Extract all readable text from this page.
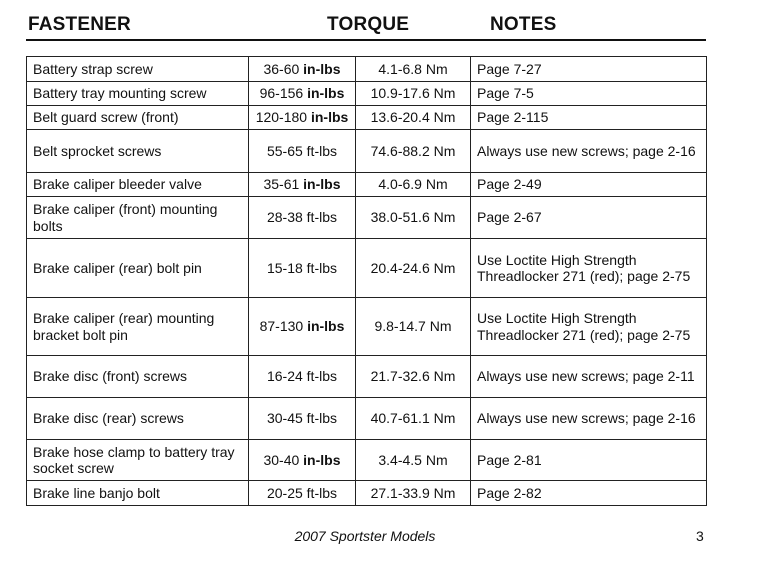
FASTENER	TORQUE	NOTES
Battery strap screw	36-60 in-lbs	4.1-6.8 Nm	Page 7-27
Battery tray mounting screw	96-156 in-lbs	10.9-17.6 Nm	Page 7-5
Belt guard screw (front)	120-180 in-lbs	13.6-20.4 Nm	Page 2-115
Belt sprocket screws	55-65 ft-lbs	74.6-88.2 Nm	Always use new screws; page 2-16
Brake caliper bleeder valve	35-61 in-lbs	4.0-6.9 Nm	Page 2-49
Brake caliper (front) mounting bolts	28-38 ft-lbs	38.0-51.6 Nm	Page 2-67
Brake caliper (rear) bolt pin	15-18 ft-lbs	20.4-24.6 Nm	Use Loctite High Strength Threadlocker 271 (red); page 2-75
Brake caliper (rear) mounting bracket bolt pin	87-130 in-lbs	9.8-14.7 Nm	Use Loctite High Strength Threadlocker 271 (red); page 2-75
Brake disc (front) screws	16-24 ft-lbs	21.7-32.6 Nm	Always use new screws; page 2-11
Brake disc (rear) screws	30-45 ft-lbs	40.7-61.1 Nm	Always use new screws; page 2-16
Brake hose clamp to battery tray socket screw	30-40 in-lbs	3.4-4.5 Nm	Page 2-81
Brake line banjo bolt	20-25 ft-lbs	27.1-33.9 Nm	Page 2-82
2007 Sportster Models	3
